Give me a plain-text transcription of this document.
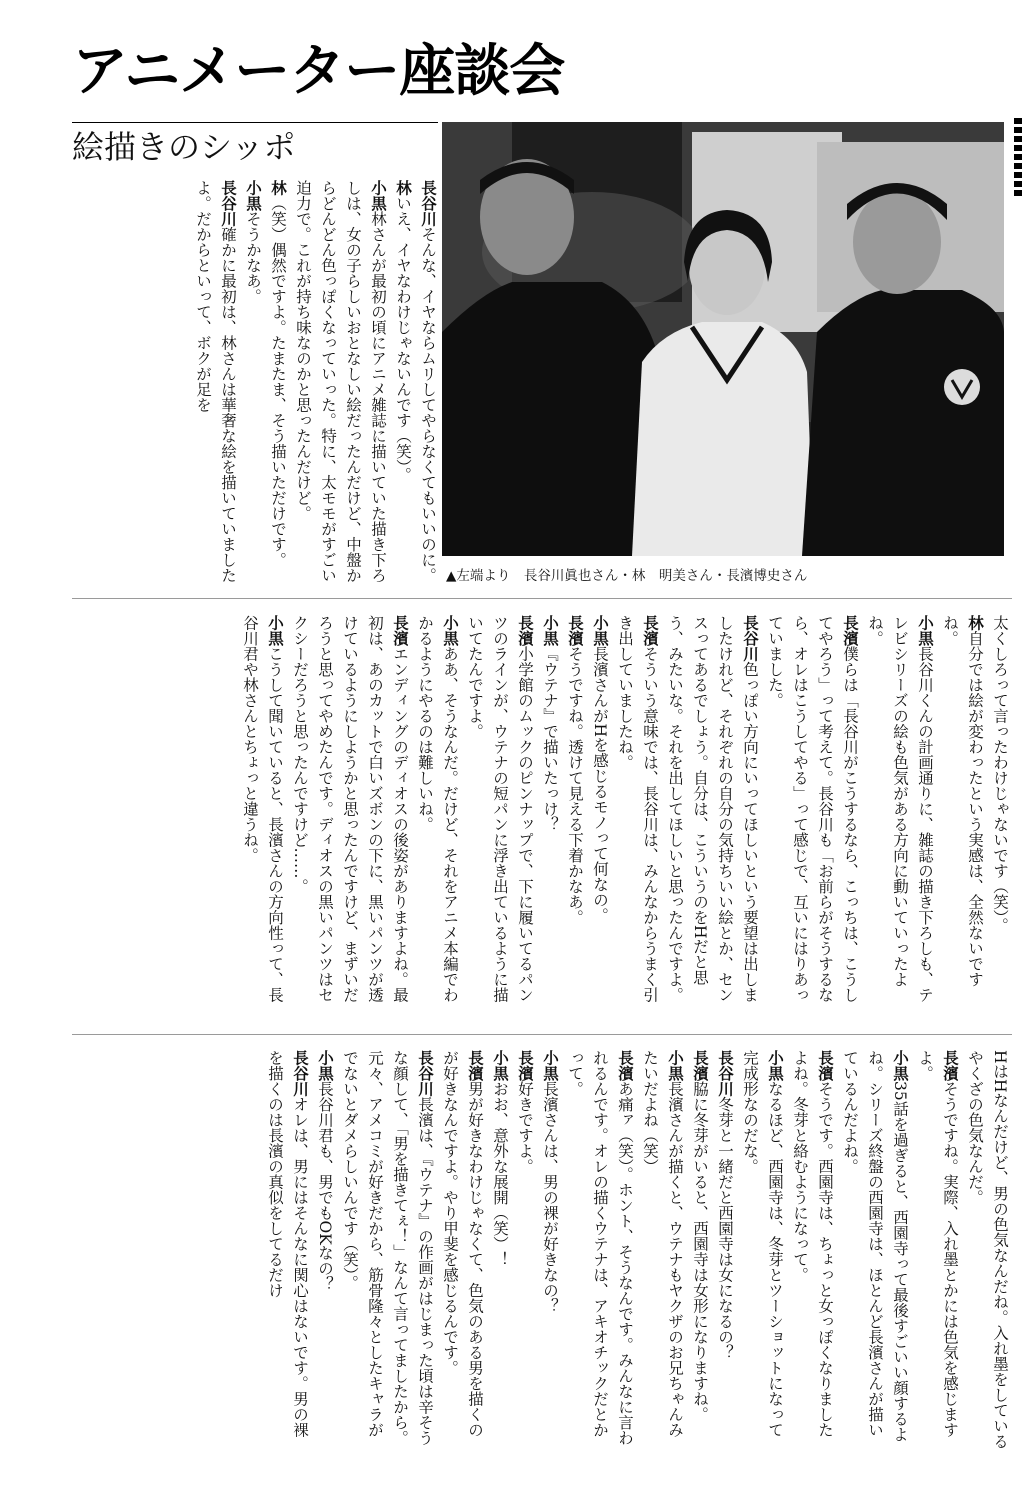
アニメーター座談会
絵描きのシッポ
▲左端より　長谷川眞也さん・林　明美さん・長濱博史さん

長谷川そんな、イヤならムリしてやらなくてもいいのに。

林いえ、イヤなわけじゃないんです（笑）。

小黒林さんが最初の頃にアニメ雑誌に描いていた描き下ろしは、女の子らしいおとなしい絵だったんだけど、中盤からどんどん色っぽくなっていった。特に、太モモがすごい迫力で。これが持ち味なのかと思ったんだけど。

林（笑）偶然ですよ。たまたま、そう描いただけです。

小黒そうかなあ。

長谷川確かに最初は、林さんは華奢な絵を描いていましたよ。だからといって、ボクが足を

太くしろって言ったわけじゃないです（笑）。

林自分では絵が変わったという実感は、全然ないですね。

小黒長谷川くんの計画通りに、雑誌の描き下ろしも、テレビシリーズの絵も色気がある方向に動いていったよね。

長濱僕らは「長谷川がこうするなら、こっちは、こうしてやろう」って考えて。長谷川も「お前らがそうするなら、オレはこうしてやる」って感じで、互いにはりあっていました。

長谷川色っぽい方向にいってほしいという要望は出しましたけれど、それぞれの自分の気持ちいい絵とか、センスってあるでしょう。自分は、こういうのをHだと思う、みたいな。それを出してほしいと思ったんですよ。

長濱そういう意味では、長谷川は、みんなからうまく引き出していましたね。

小黒長濱さんがHを感じるモノって何なの。

長濱そうですね。透けて見える下着かなあ。

小黒『ウテナ』で描いたっけ？

長濱小学館のムックのピンナップで、下に履いてるパンツのラインが、ウテナの短パンに浮き出ているように描いてたんですよ。

小黒ああ、そうなんだ。だけど、それをアニメ本編でわかるようにやるのは難しいね。

長濱エンディングのディオスの後姿がありますよね。最初は、あのカットで白いズボンの下に、黒いパンツが透けているようにしようかと思ったんですけど、まずいだろうと思ってやめたんです。ディオスの黒いパンツはセクシーだろうと思ったんですけど……。

小黒こうして聞いていると、長濱さんの方向性って、長谷川君や林さんとちょっと違うね。

HはHなんだけど、男の色気なんだね。入れ墨をしているやくざの色気なんだ。

長濱そうですね。実際、入れ墨とかには色気を感じますよ。

小黒35話を過ぎると、西園寺って最後すごいい顔するよね。シリーズ終盤の西園寺は、ほとんど長濱さんが描いているんだよね。

長濱そうです。西園寺は、ちょっと女っぽくなりましたよね。冬芽と絡むようになって。

小黒なるほど、西園寺は、冬芽とツーショットになって完成形なのだな。

長谷川冬芽と一緒だと西園寺は女になるの？

長濱脇に冬芽がいると、西園寺は女形になりますね。

小黒長濱さんが描くと、ウテナもヤクザのお兄ちゃんみたいだよね（笑）

長濱あ痛ァ（笑）。ホント、そうなんです。みんなに言われるんです。オレの描くウテナは、アキオチックだとかって。

小黒長濱さんは、男の裸が好きなの？

長濱好きですよ。

小黒おお、意外な展開（笑）！

長濱男が好きなわけじゃなくて、色気のある男を描くのが好きなんですよ。やり甲斐を感じるんです。

長谷川長濱は、『ウテナ』の作画がはじまった頃は辛そうな顔して、「男を描きてぇ！」なんて言ってましたから。元々、アメコミが好きだから、筋骨隆々としたキャラがでないとダメらしいんです（笑）。

小黒長谷川君も、男でもOKなの？

長谷川オレは、男にはそんなに関心はないです。男の裸を描くのは長濱の真似をしてるだけ
